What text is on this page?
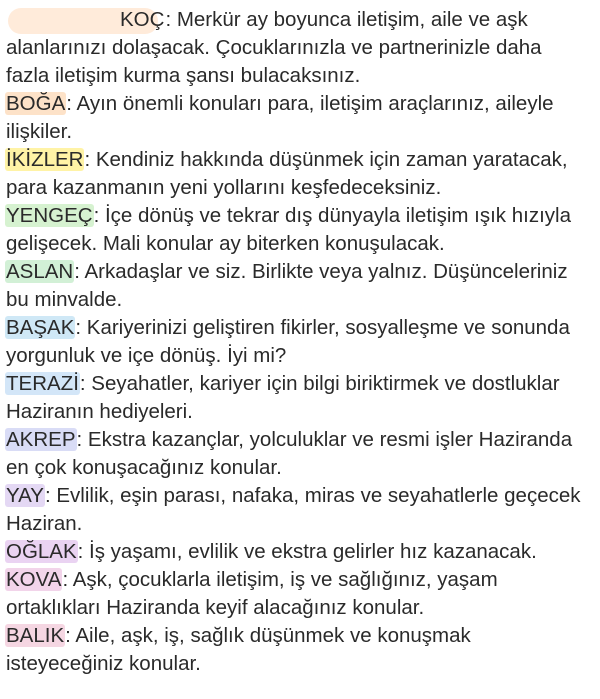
KOÇ: Merkür ay boyunca iletişim, aile ve aşk
alanlarınızı dolaşacak. Çocuklarınızla ve partnerinizle daha
fazla iletişim kurma şansı bulacaksınız.
BOĞA: Ayın önemli konuları para, iletişim araçlarınız, aileyle
ilişkiler.
İKİZLER: Kendiniz hakkında düşünmek için zaman yaratacak,
para kazanmanın yeni yollarını keşfedeceksiniz.
YENGEÇ: İçe dönüş ve tekrar dış dünyayla iletişim ışık hızıyla
gelişecek. Mali konular ay biterken konuşulacak.
ASLAN: Arkadaşlar ve siz. Birlikte veya yalnız. Düşünceleriniz
bu minvalde.
BAŞAK: Kariyerinizi geliştiren fikirler, sosyalleşme ve sonunda
yorgunluk ve içe dönüş. İyi mi?
TERAZİ: Seyahatler, kariyer için bilgi biriktirmek ve dostluklar
Haziranın hediyeleri.
AKREP: Ekstra kazançlar, yolculuklar ve resmi işler Haziranda
en çok konuşacağınız konular.
YAY: Evlilik, eşin parası, nafaka, miras ve seyahatlerle geçecek
Haziran.
OĞLAK: İş yaşamı, evlilik ve ekstra gelirler hız kazanacak.
KOVA: Aşk, çocuklarla iletişim, iş ve sağlığınız, yaşam
ortaklıkları Haziranda keyif alacağınız konular.
BALIK: Aile, aşk, iş, sağlık düşünmek ve konuşmak
isteyeceğiniz konular.
